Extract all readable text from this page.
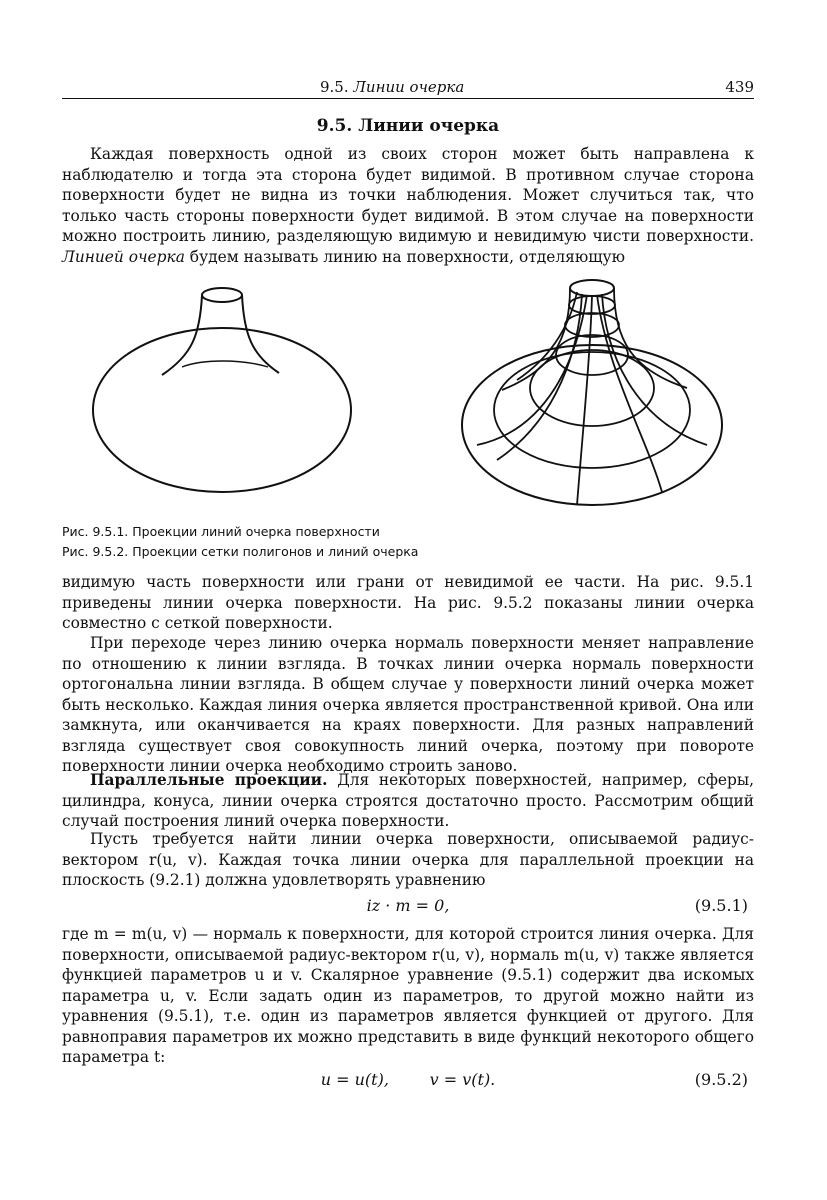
9.5. Линии очерка	439
9.5. Линии очерка

Каждая поверхность одной из своих сторон может быть направлена к наблюдателю и тогда эта сторона будет видимой. В противном случае сторона поверхности будет не видна из точки наблюдения. Может случиться так, что только часть стороны поверхности будет видимой. В этом случае на поверхности можно построить линию, разделяющую видимую и невидимую чисти поверхности. Линией очерка будем называть линию на поверхности, отделяющую

Рис. 9.5.1. Проекции линий очерка поверхности
Рис. 9.5.2. Проекции сетки полигонов и линий очерка

видимую часть поверхности или грани от невидимой ее части. На рис. 9.5.1 приведены линии очерка поверхности. На рис. 9.5.2 показаны линии очерка совместно с сеткой поверхности.

При переходе через линию очерка нормаль поверхности меняет направление по отношению к линии взгляда. В точках линии очерка нормаль поверхности ортогональна линии взгляда. В общем случае у поверхности линий очерка может быть несколько. Каждая линия очерка является пространственной кривой. Она или замкнута, или оканчивается на краях поверхности. Для разных направлений взгляда существует своя совокупность линий очерка, поэтому при повороте поверхности линии очерка необходимо строить заново.

Параллельные проекции. Для некоторых поверхностей, например, сферы, цилиндра, конуса, линии очерка строятся достаточно просто. Рассмотрим общий случай построения линий очерка поверхности.

Пусть требуется найти линии очерка поверхности, описываемой радиус-вектором r(u, v). Каждая точка линии очерка для параллельной проекции на плоскость (9.2.1) должна удовлетворять уравнению

iz · m = 0,	(9.5.1)

где m = m(u, v) — нормаль к поверхности, для которой строится линия очерка. Для поверхности, описываемой радиус-вектором r(u, v), нормаль m(u, v) также является функцией параметров u и v. Скалярное уравнение (9.5.1) содержит два искомых параметра u, v. Если задать один из параметров, то другой можно найти из уравнения (9.5.1), т.е. один из параметров является функцией от другого. Для равноправия параметров их можно представить в виде функций некоторого общего параметра t:

u = u(t),        v = v(t).	(9.5.2)
